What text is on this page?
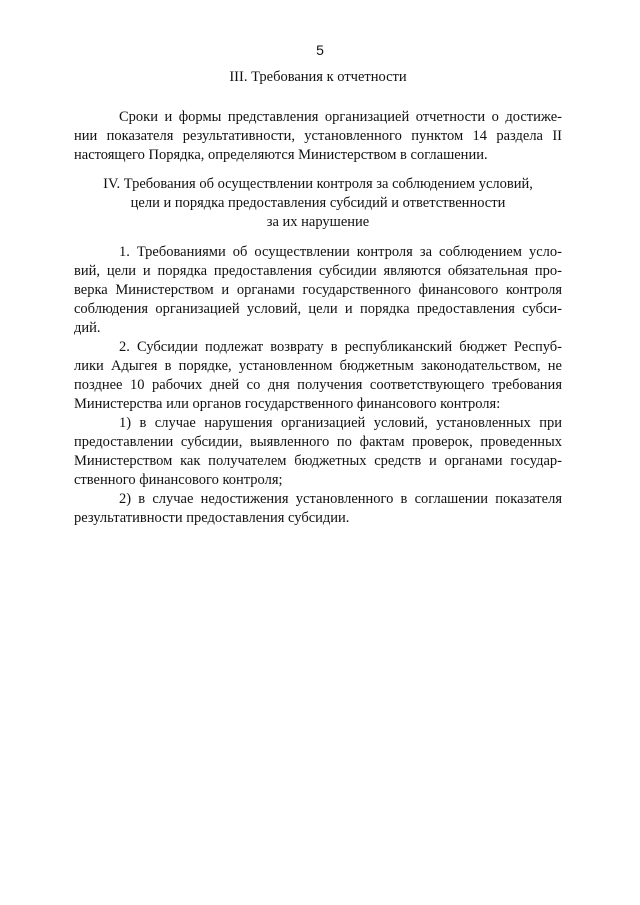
5
III. Требования к отчетности
Сроки и формы представления организацией отчетности о достиже-
нии показателя результативности, установленного пунктом 14 раздела II
настоящего Порядка, определяются Министерством в соглашении.
IV. Требования об осуществлении контроля за соблюдением условий,
цели и порядка предоставления субсидий и ответственности
за их нарушение
1. Требованиями об осуществлении контроля за соблюдением усло-
вий, цели и порядка предоставления субсидии являются обязательная про-
верка Министерством и органами государственного финансового контроля
соблюдения организацией условий, цели и порядка предоставления субси-
дий.
2. Субсидии подлежат возврату в республиканский бюджет Респуб-
лики Адыгея в порядке, установленном бюджетным законодательством, не
позднее 10 рабочих дней со дня получения соответствующего требования
Министерства или органов государственного финансового контроля:
1) в случае нарушения организацией условий, установленных при
предоставлении субсидии, выявленного по фактам проверок, проведенных
Министерством как получателем бюджетных средств и органами государ-
ственного финансового контроля;
2) в случае недостижения установленного в соглашении показателя
результативности предоставления субсидии.
